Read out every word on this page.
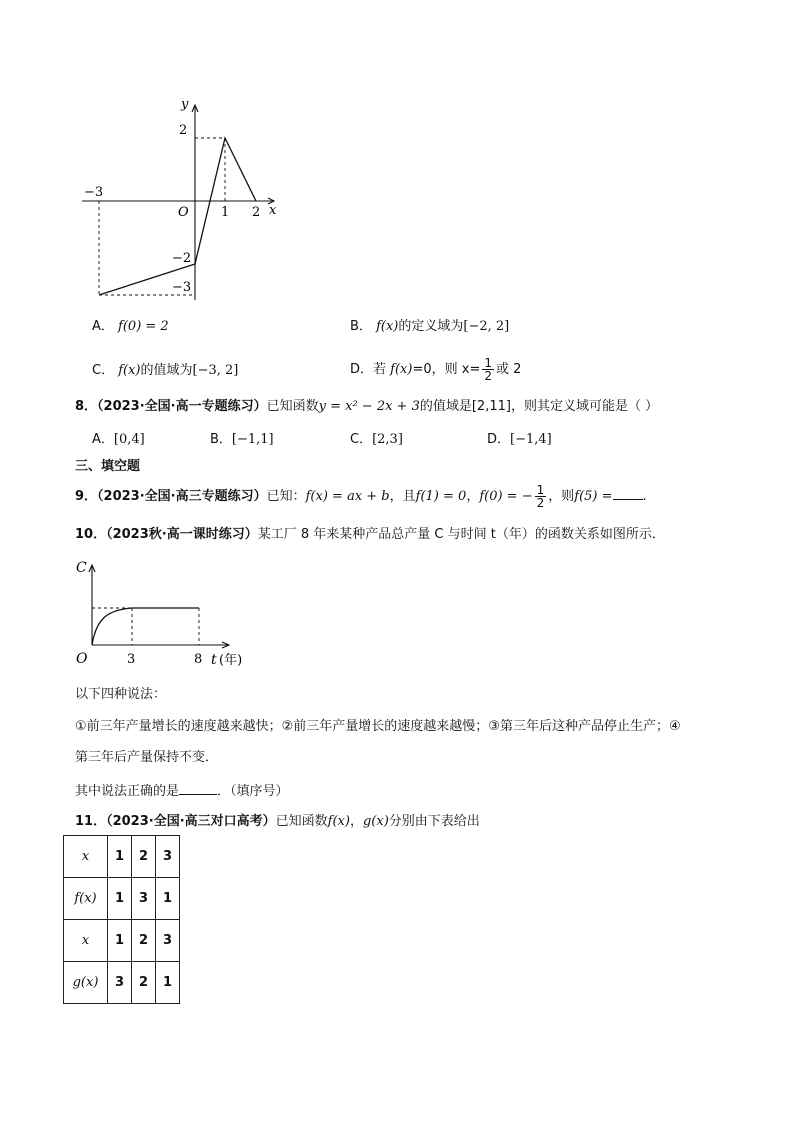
y
x
O
2
−2
−3
−3
1 2
A． f(0) = 2	B． f(x)的定义域为[−2, 2]
C． f(x)的值域为[−3, 2]	D．若 f(x)=0，则 $x= \frac{1}{2}$ 或 2
8．（2023·全国·高一专题练习）已知函数y = x² − 2x + 3的值域是[2,11]，则其定义域可能是（ ）
A．[0,4]	B．[−1,1]	C．[2,3]	D．[−1,4]
三、填空题
9．（2023·全国·高三专题练习）已知：f(x) = ax + b，且f(1) = 0，f(0) = − $\frac{1}{2}$ ，则f(5) = .
10．（2023秋·高一课时练习）某工厂 8 年来某种产品总产量 C 与时间 t（年）的函数关系如图所示．
C
O	3	8 t (年)
以下四种说法：
①前三年产量增长的速度越来越快；②前三年产量增长的速度越来越慢；③第三年后这种产品停止生产；④
第三年后产量保持不变．
其中说法正确的是	．（填序号）
11．（2023·全国·高三对口高考）已知函数f(x)，g(x)分别由下表给出
x	1	2	3
f(x)	1	3	1
x	1	2	3
g(x)	3	2	1
